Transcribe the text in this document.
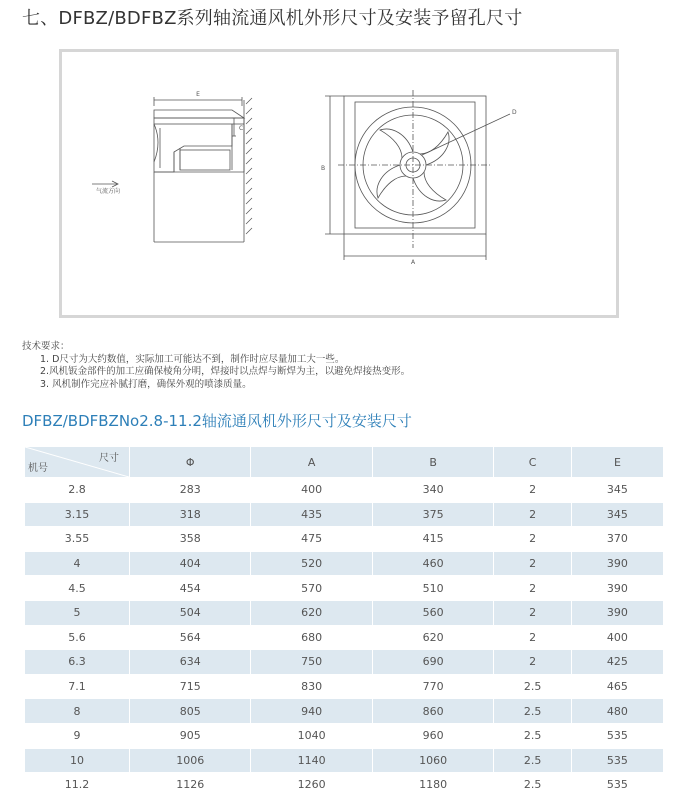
七、DFBZ/BDFBZ系列轴流通风机外形尺寸及安装予留孔尺寸
E
C
气流方向
D
B
A
技术要求：
1. D尺寸为大约数值，实际加工可能达不到，制作时应尽量加工大一些。
2.风机钣金部件的加工应确保棱角分明，焊接时以点焊与断焊为主，以避免焊接热变形。
3. 风机制作完应补腻打磨，确保外观的喷漆质量。
DFBZ/BDFBZNo2.8-11.2轴流通风机外形尺寸及安装尺寸
尺寸
机号	Φ	A	B	C	E
2.8	283	400	340	2	345
3.15	318	435	375	2	345
3.55	358	475	415	2	370
4	404	520	460	2	390
4.5	454	570	510	2	390
5	504	620	560	2	390
5.6	564	680	620	2	400
6.3	634	750	690	2	425
7.1	715	830	770	2.5	465
8	805	940	860	2.5	480
9	905	1040	960	2.5	535
10	1006	1140	1060	2.5	535
11.2	1126	1260	1180	2.5	535
